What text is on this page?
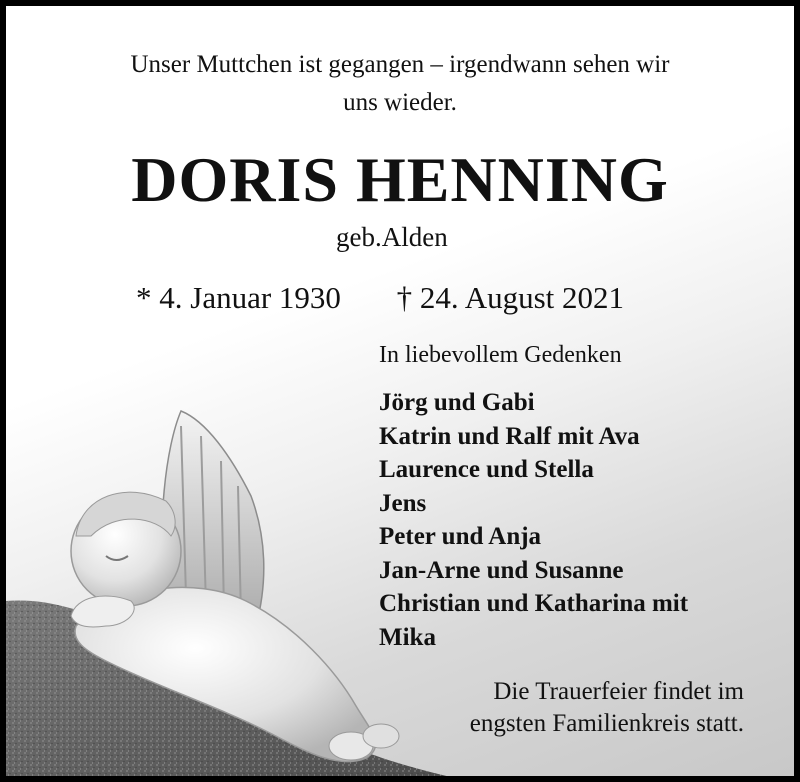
Unser Muttchen ist gegangen – irgendwann sehen wir
uns wieder.

DORIS HENNING

geb.Alden

* 4. Januar 1930 † 24. August 2021

In liebevollem Gedenken

Jörg und Gabi
Katrin und Ralf mit Ava
Laurence und Stella
Jens
Peter und Anja
Jan-Arne und Susanne
Christian und Katharina mit
Mika

Die Trauerfeier findet im
engsten Familienkreis statt.
